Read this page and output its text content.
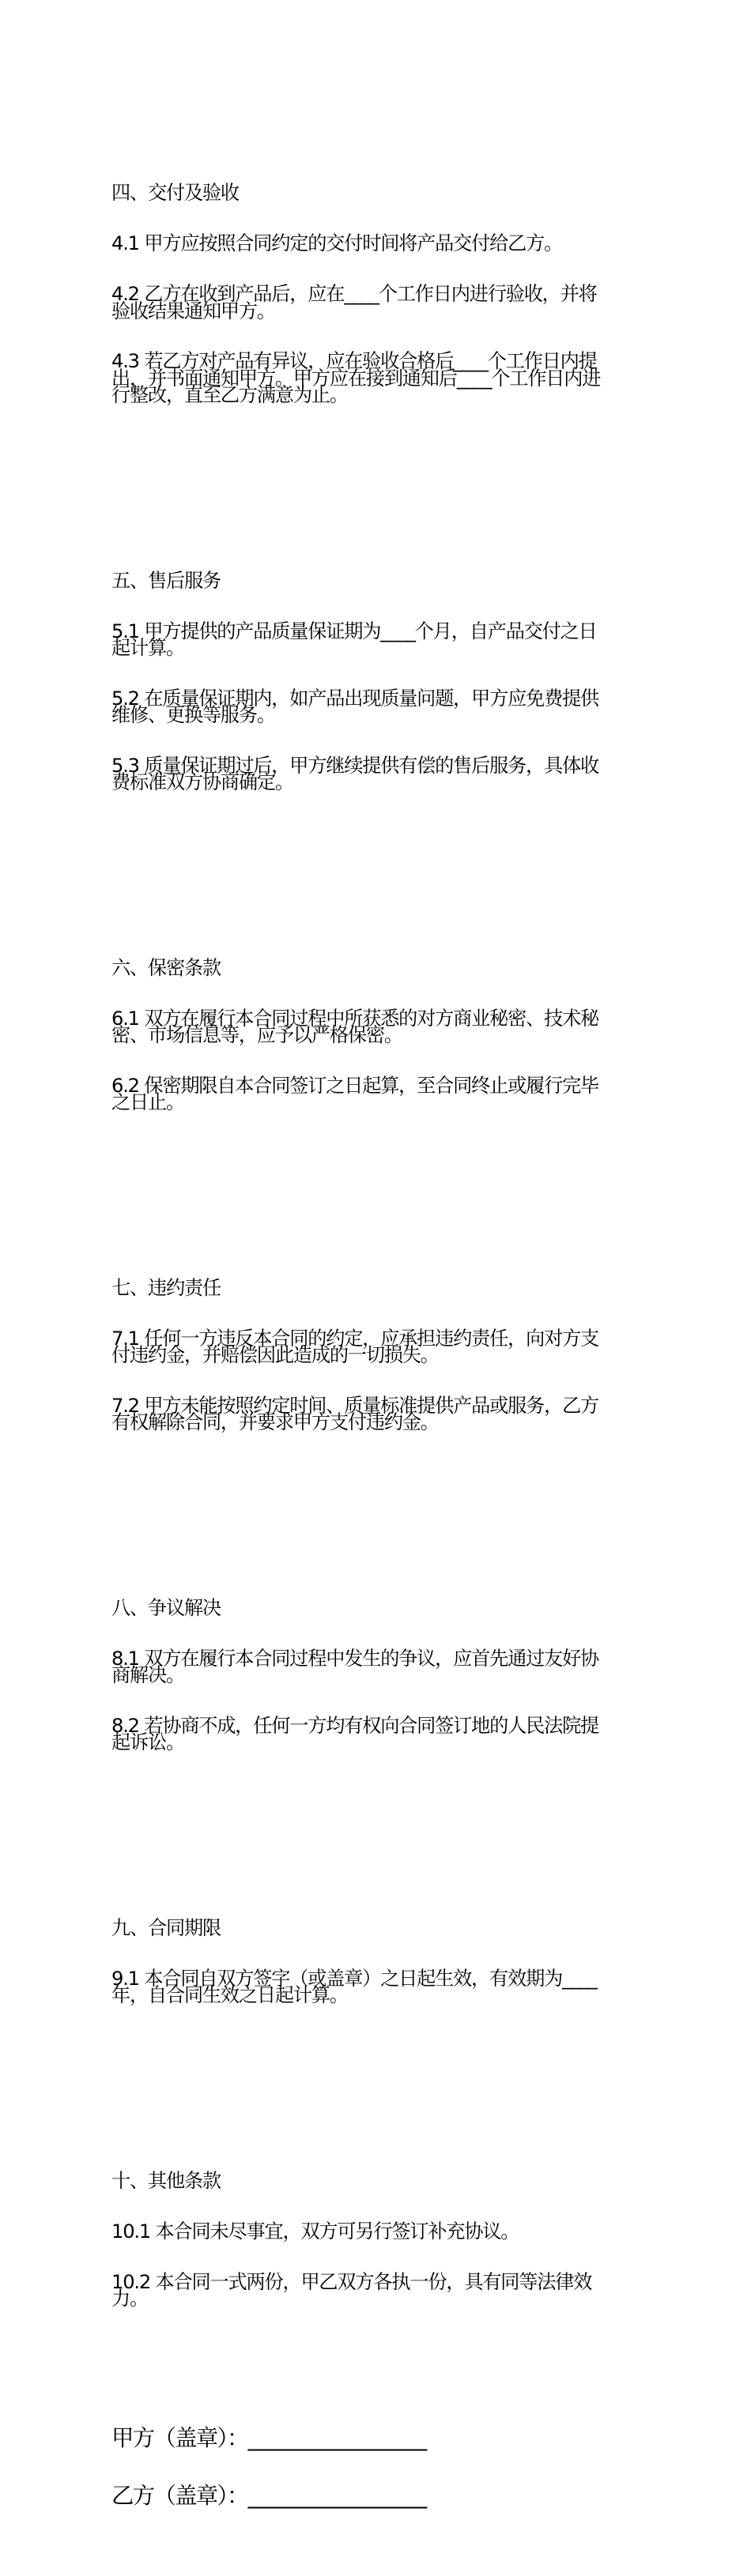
四、交付及验收

4.1 甲方应按照合同约定的交付时间将产品交付给乙方。

4.2 乙方在收到产品后，应在____个工作日内进行验收，并将
验收结果通知甲方。

4.3 若乙方对产品有异议，应在验收合格后____个工作日内提
出，并书面通知甲方。甲方应在接到通知后____个工作日内进
行整改，直至乙方满意为止。

五、售后服务

5.1 甲方提供的产品质量保证期为____个月，自产品交付之日
起计算。

5.2 在质量保证期内，如产品出现质量问题，甲方应免费提供
维修、更换等服务。

5.3 质量保证期过后，甲方继续提供有偿的售后服务，具体收
费标准双方协商确定。

六、保密条款

6.1 双方在履行本合同过程中所获悉的对方商业秘密、技术秘
密、市场信息等，应予以严格保密。

6.2 保密期限自本合同签订之日起算，至合同终止或履行完毕
之日止。

七、违约责任

7.1 任何一方违反本合同的约定，应承担违约责任，向对方支
付违约金，并赔偿因此造成的一切损失。

7.2 甲方未能按照约定时间、质量标准提供产品或服务，乙方
有权解除合同，并要求甲方支付违约金。

八、争议解决

8.1 双方在履行本合同过程中发生的争议，应首先通过友好协
商解决。

8.2 若协商不成，任何一方均有权向合同签订地的人民法院提
起诉讼。

九、合同期限

9.1 本合同自双方签字（或盖章）之日起生效，有效期为____
年，自合同生效之日起计算。

十、其他条款

10.1 本合同未尽事宜，双方可另行签订补充协议。

10.2 本合同一式两份，甲乙双方各执一份，具有同等法律效
力。

甲方（盖章）：__________________

乙方（盖章）：__________________
